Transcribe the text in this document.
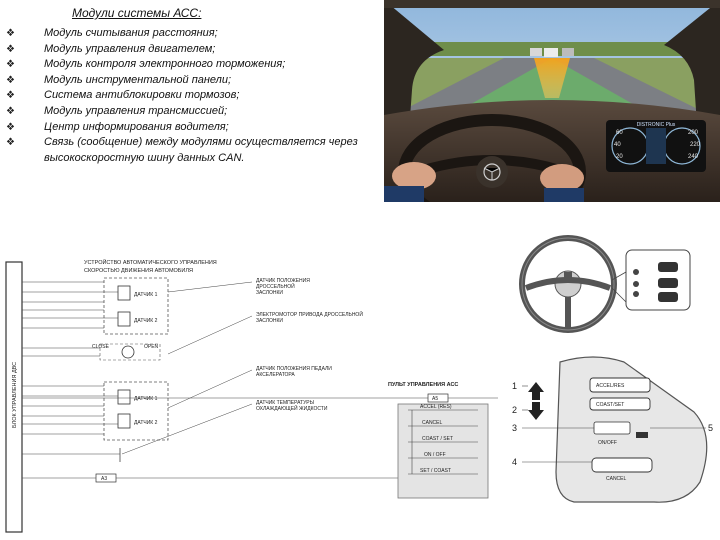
Модули системы АСС:
❖	Модуль считывания расстояния;
❖	Модуль управления двигателем;
❖	Модуль контроля электронного торможения;
❖	Модуль инструментальной панели;
❖	Система антиблокировки тормозов;
❖	Модуль управления трансмиссией;
❖	Центр информирования водителя;
❖	Связь (сообщение) между модулями осуществляется через высокоскоростную шину данных CAN.
DISTRONIC Plus
60
40
20
200
220
240
БЛОК УПРАВЛЕНИЯ ДВС
УСТРОЙСТВО АВТОМАТИЧЕСКОГО УПРАВЛЕНИЯ
СКОРОСТЬЮ ДВИЖЕНИЯ АВТОМОБИЛЯ
ДАТЧИК 1
ДАТЧИК 2
CLOSE	OPEN
ДАТЧИК 1
ДАТЧИК 2
A3
ДАТЧИК ПОЛОЖЕНИЯ
ДРОССЕЛЬНОЙ
ЗАСЛОНКИ
ЭЛЕКТРОМОТОР ПРИВОДА ДРОССЕЛЬНОЙ
ЗАСЛОНКИ
ДАТЧИК ПОЛОЖЕНИЯ ПЕДАЛИ
АКСЕЛЕРАТОРА
ДАТЧИК ТЕМПЕРАТУРЫ
ОХЛАЖДАЮЩЕЙ ЖИДКОСТИ
ПУЛЬТ УПРАВЛЕНИЯ АСС
A5
ACCEL (RES)
CANCEL
COAST / SET
ON / OFF
SET / COAST
ACCEL/RES
COAST/SET
ON/OFF
CANCEL
1
2
3
4
5
